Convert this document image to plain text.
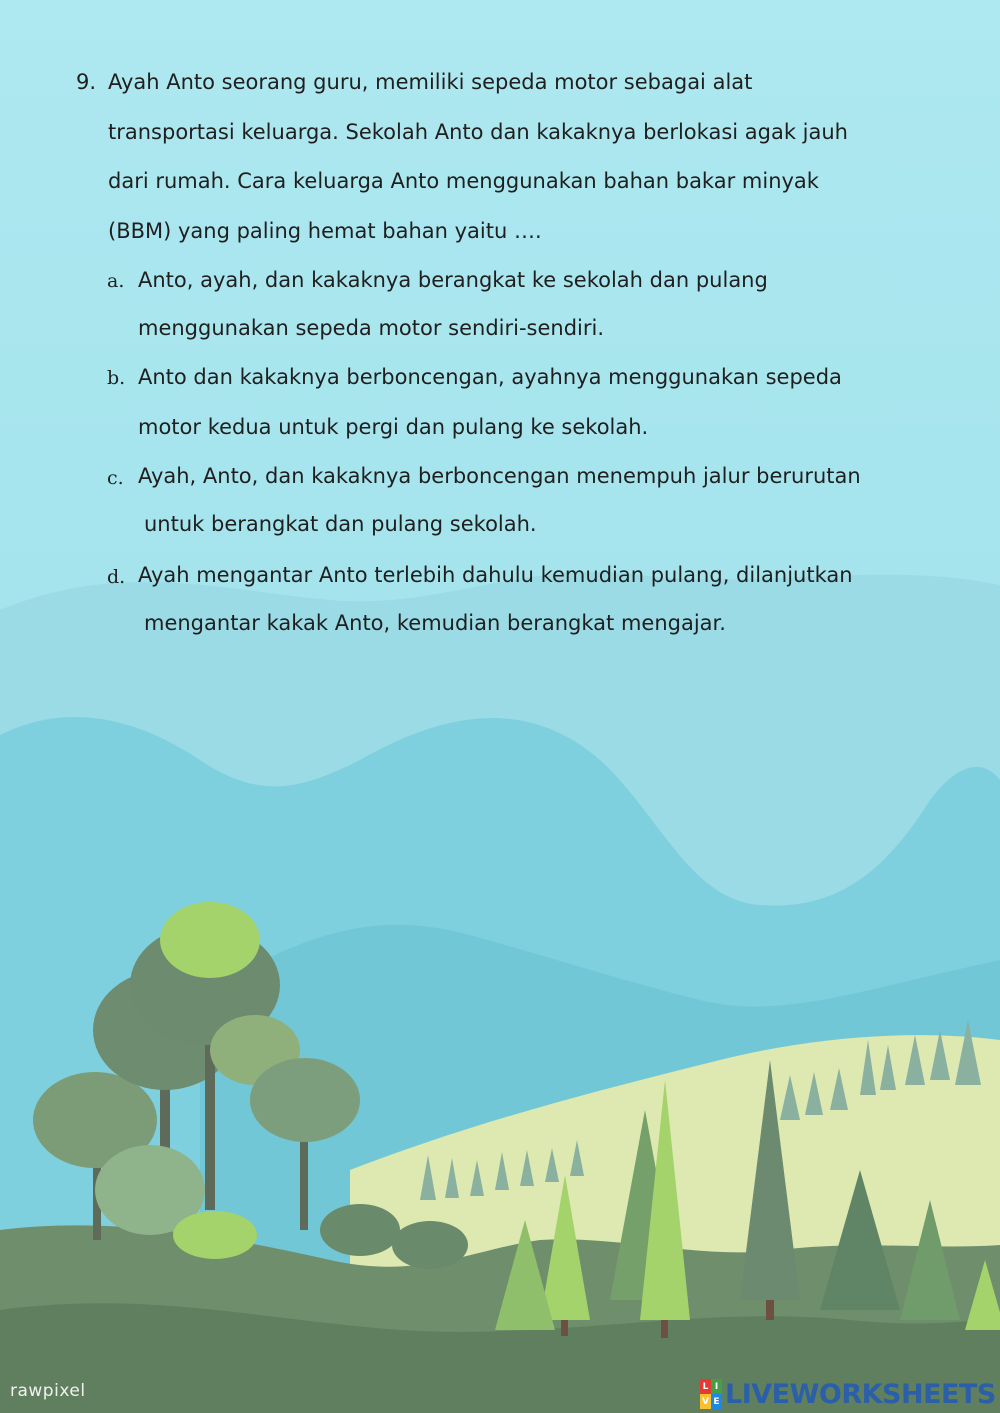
9. Ayah Anto seorang guru, memiliki sepeda motor sebagai alat
transportasi keluarga. Sekolah Anto dan kakaknya berlokasi agak jauh
dari rumah. Cara keluarga Anto menggunakan bahan bakar minyak
(BBM) yang paling hemat bahan yaitu ….
a. Anto, ayah, dan kakaknya berangkat ke sekolah dan pulang
menggunakan sepeda motor sendiri-sendiri.
b. Anto dan kakaknya berboncengan, ayahnya menggunakan sepeda
motor kedua untuk pergi dan pulang ke sekolah.
c. Ayah, Anto, dan kakaknya berboncengan menempuh jalur berurutan
untuk berangkat dan pulang sekolah.
d. Ayah mengantar Anto terlebih dahulu kemudian pulang, dilanjutkan
mengantar kakak Anto, kemudian berangkat mengajar.
rawpixel	L I
V E LIVEWORKSHEETS
